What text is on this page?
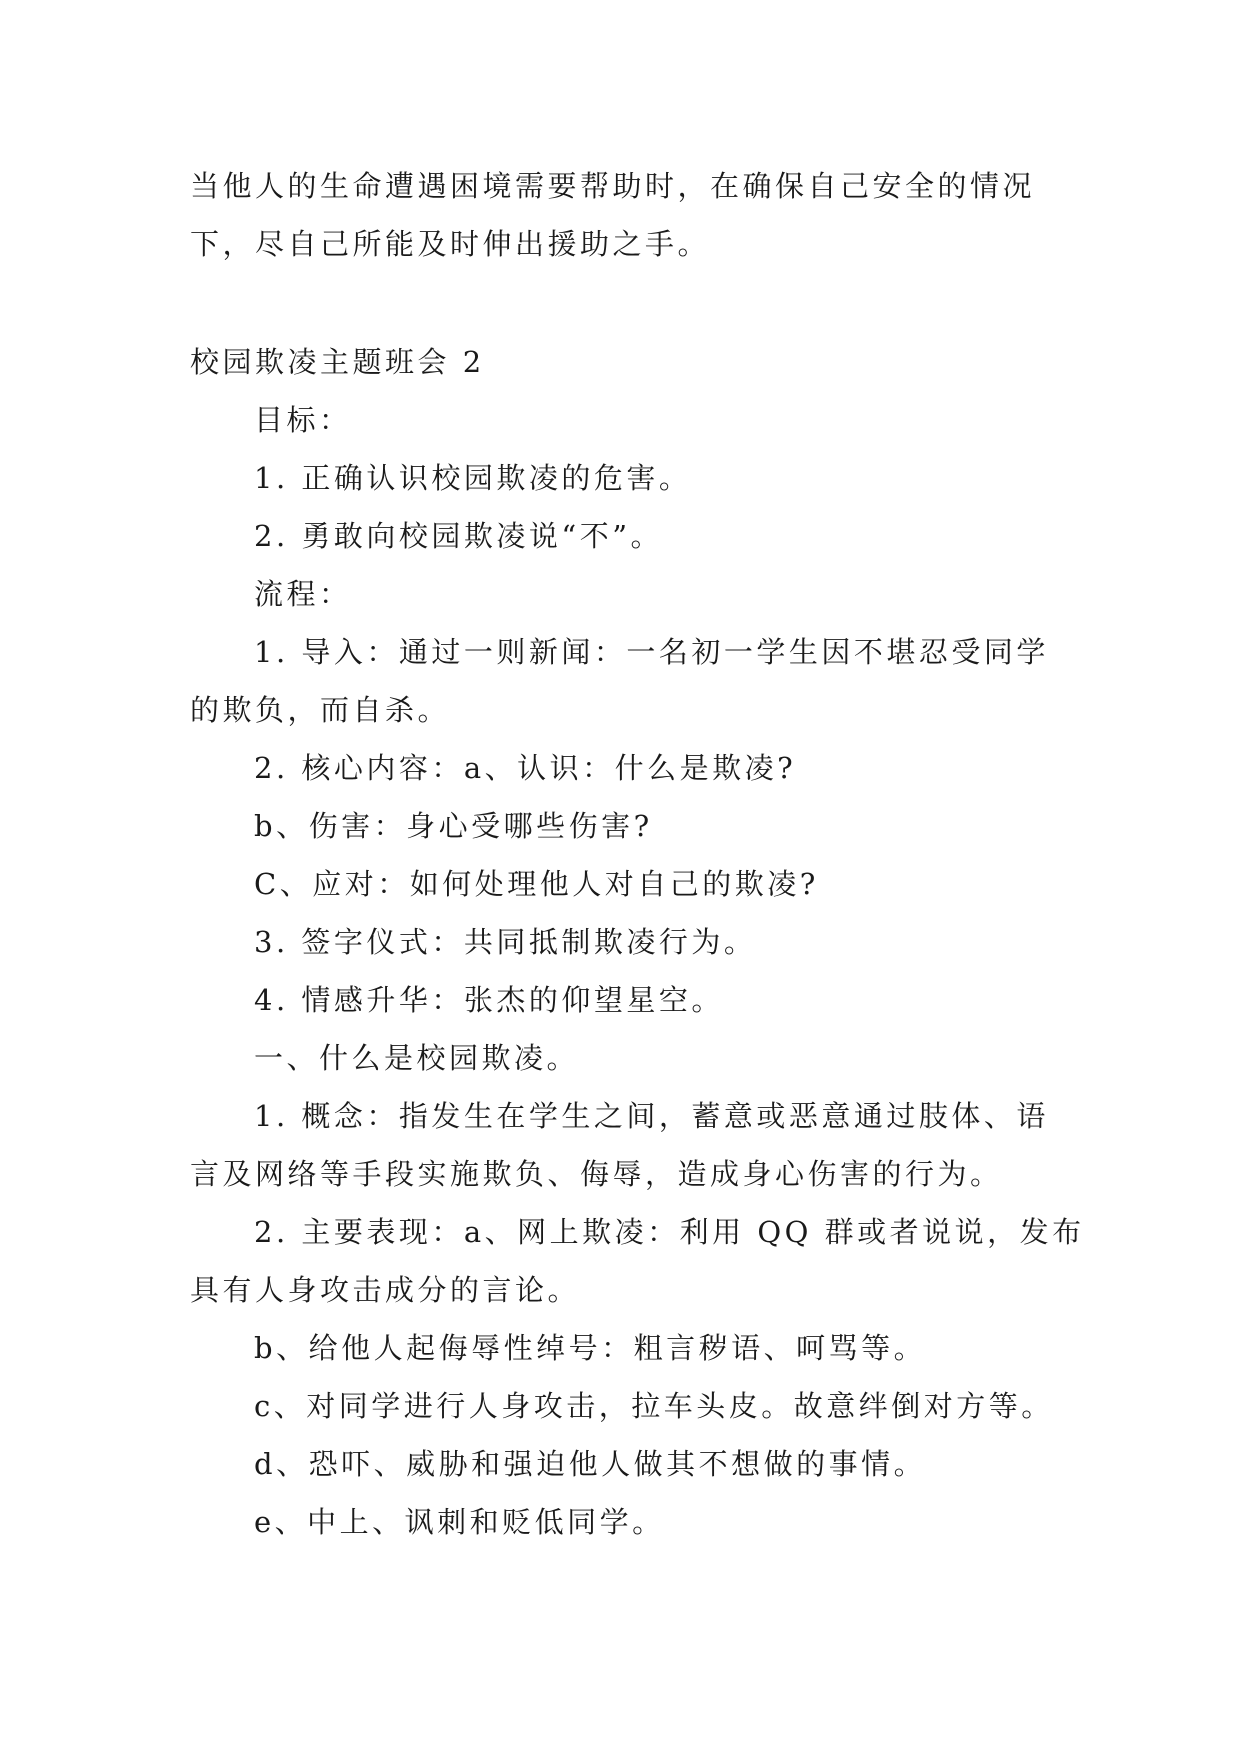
当他人的生命遭遇困境需要帮助时，在确保自己安全的情况
下，尽自己所能及时伸出援助之手。
校园欺凌主题班会 2
目标：
1. 正确认识校园欺凌的危害。
2. 勇敢向校园欺凌说“不”。
流程：
1. 导入：通过一则新闻：一名初一学生因不堪忍受同学
的欺负，而自杀。
2. 核心内容：a、认识：什么是欺凌?
b、伤害：身心受哪些伤害?
C、应对：如何处理他人对自己的欺凌?
3. 签字仪式：共同抵制欺凌行为。
4. 情感升华：张杰的仰望星空。
一、什么是校园欺凌。
1. 概念：指发生在学生之间，蓄意或恶意通过肢体、语
言及网络等手段实施欺负、侮辱，造成身心伤害的行为。
2. 主要表现：a、网上欺凌：利用 QQ 群或者说说，发布
具有人身攻击成分的言论。
b、给他人起侮辱性绰号：粗言秽语、呵骂等。
c、对同学进行人身攻击，拉车头皮。故意绊倒对方等。
d、恐吓、威胁和强迫他人做其不想做的事情。
e、中上、讽刺和贬低同学。
